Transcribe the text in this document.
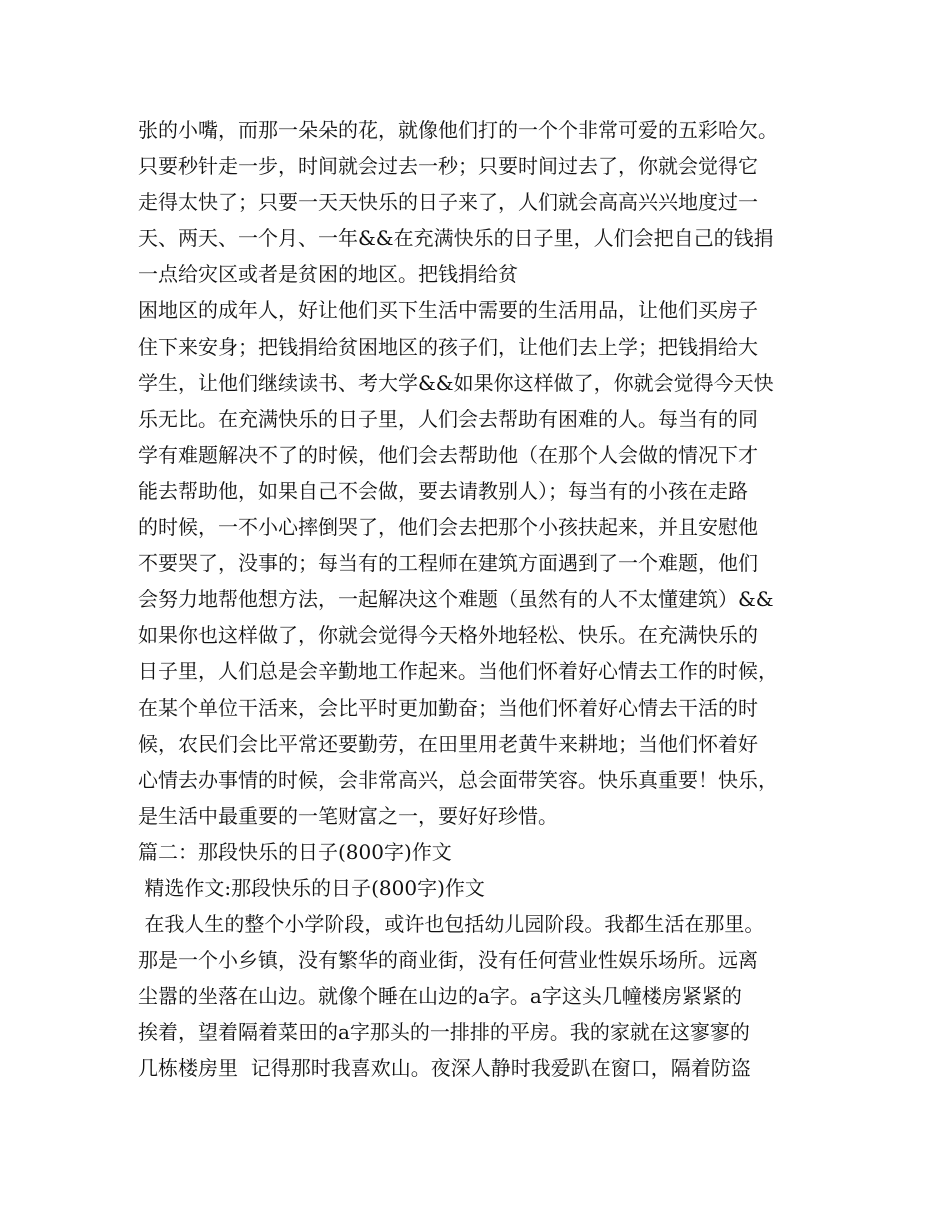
张的小嘴，而那一朵朵的花，就像他们打的一个个非常可爱的五彩哈欠。
只要秒针走一步，时间就会过去一秒；只要时间过去了，你就会觉得它
走得太快了；只要一天天快乐的日子来了，人们就会高高兴兴地度过一
天、两天、一个月、一年&&在充满快乐的日子里，人们会把自己的钱捐
一点给灾区或者是贫困的地区。把钱捐给贫
困地区的成年人，好让他们买下生活中需要的生活用品，让他们买房子
住下来安身；把钱捐给贫困地区的孩子们，让他们去上学；把钱捐给大
学生，让他们继续读书、考大学&&如果你这样做了，你就会觉得今天快
乐无比。在充满快乐的日子里，人们会去帮助有困难的人。每当有的同
学有难题解决不了的时候，他们会去帮助他（在那个人会做的情况下才
能去帮助他，如果自己不会做，要去请教别人）；每当有的小孩在走路
的时候，一不小心摔倒哭了，他们会去把那个小孩扶起来，并且安慰他
不要哭了，没事的；每当有的工程师在建筑方面遇到了一个难题，他们
会努力地帮他想方法，一起解决这个难题（虽然有的人不太懂建筑）&&
如果你也这样做了，你就会觉得今天格外地轻松、快乐。在充满快乐的
日子里，人们总是会辛勤地工作起来。当他们怀着好心情去工作的时候，
在某个单位干活来，会比平时更加勤奋；当他们怀着好心情去干活的时
候，农民们会比平常还要勤劳，在田里用老黄牛来耕地；当他们怀着好
心情去办事情的时候，会非常高兴，总会面带笑容。快乐真重要！快乐，
是生活中最重要的一笔财富之一，要好好珍惜。
篇二：那段快乐的日子(800字)作文
精选作文:那段快乐的日子(800字)作文
在我人生的整个小学阶段，或许也包括幼儿园阶段。我都生活在那里。
那是一个小乡镇，没有繁华的商业街，没有任何营业性娱乐场所。远离
尘嚣的坐落在山边。就像个睡在山边的a字。a字这头几幢楼房紧紧的
挨着，望着隔着菜田的a字那头的一排排的平房。我的家就在这寥寥的
几栋楼房里  记得那时我喜欢山。夜深人静时我爱趴在窗口，隔着防盗
